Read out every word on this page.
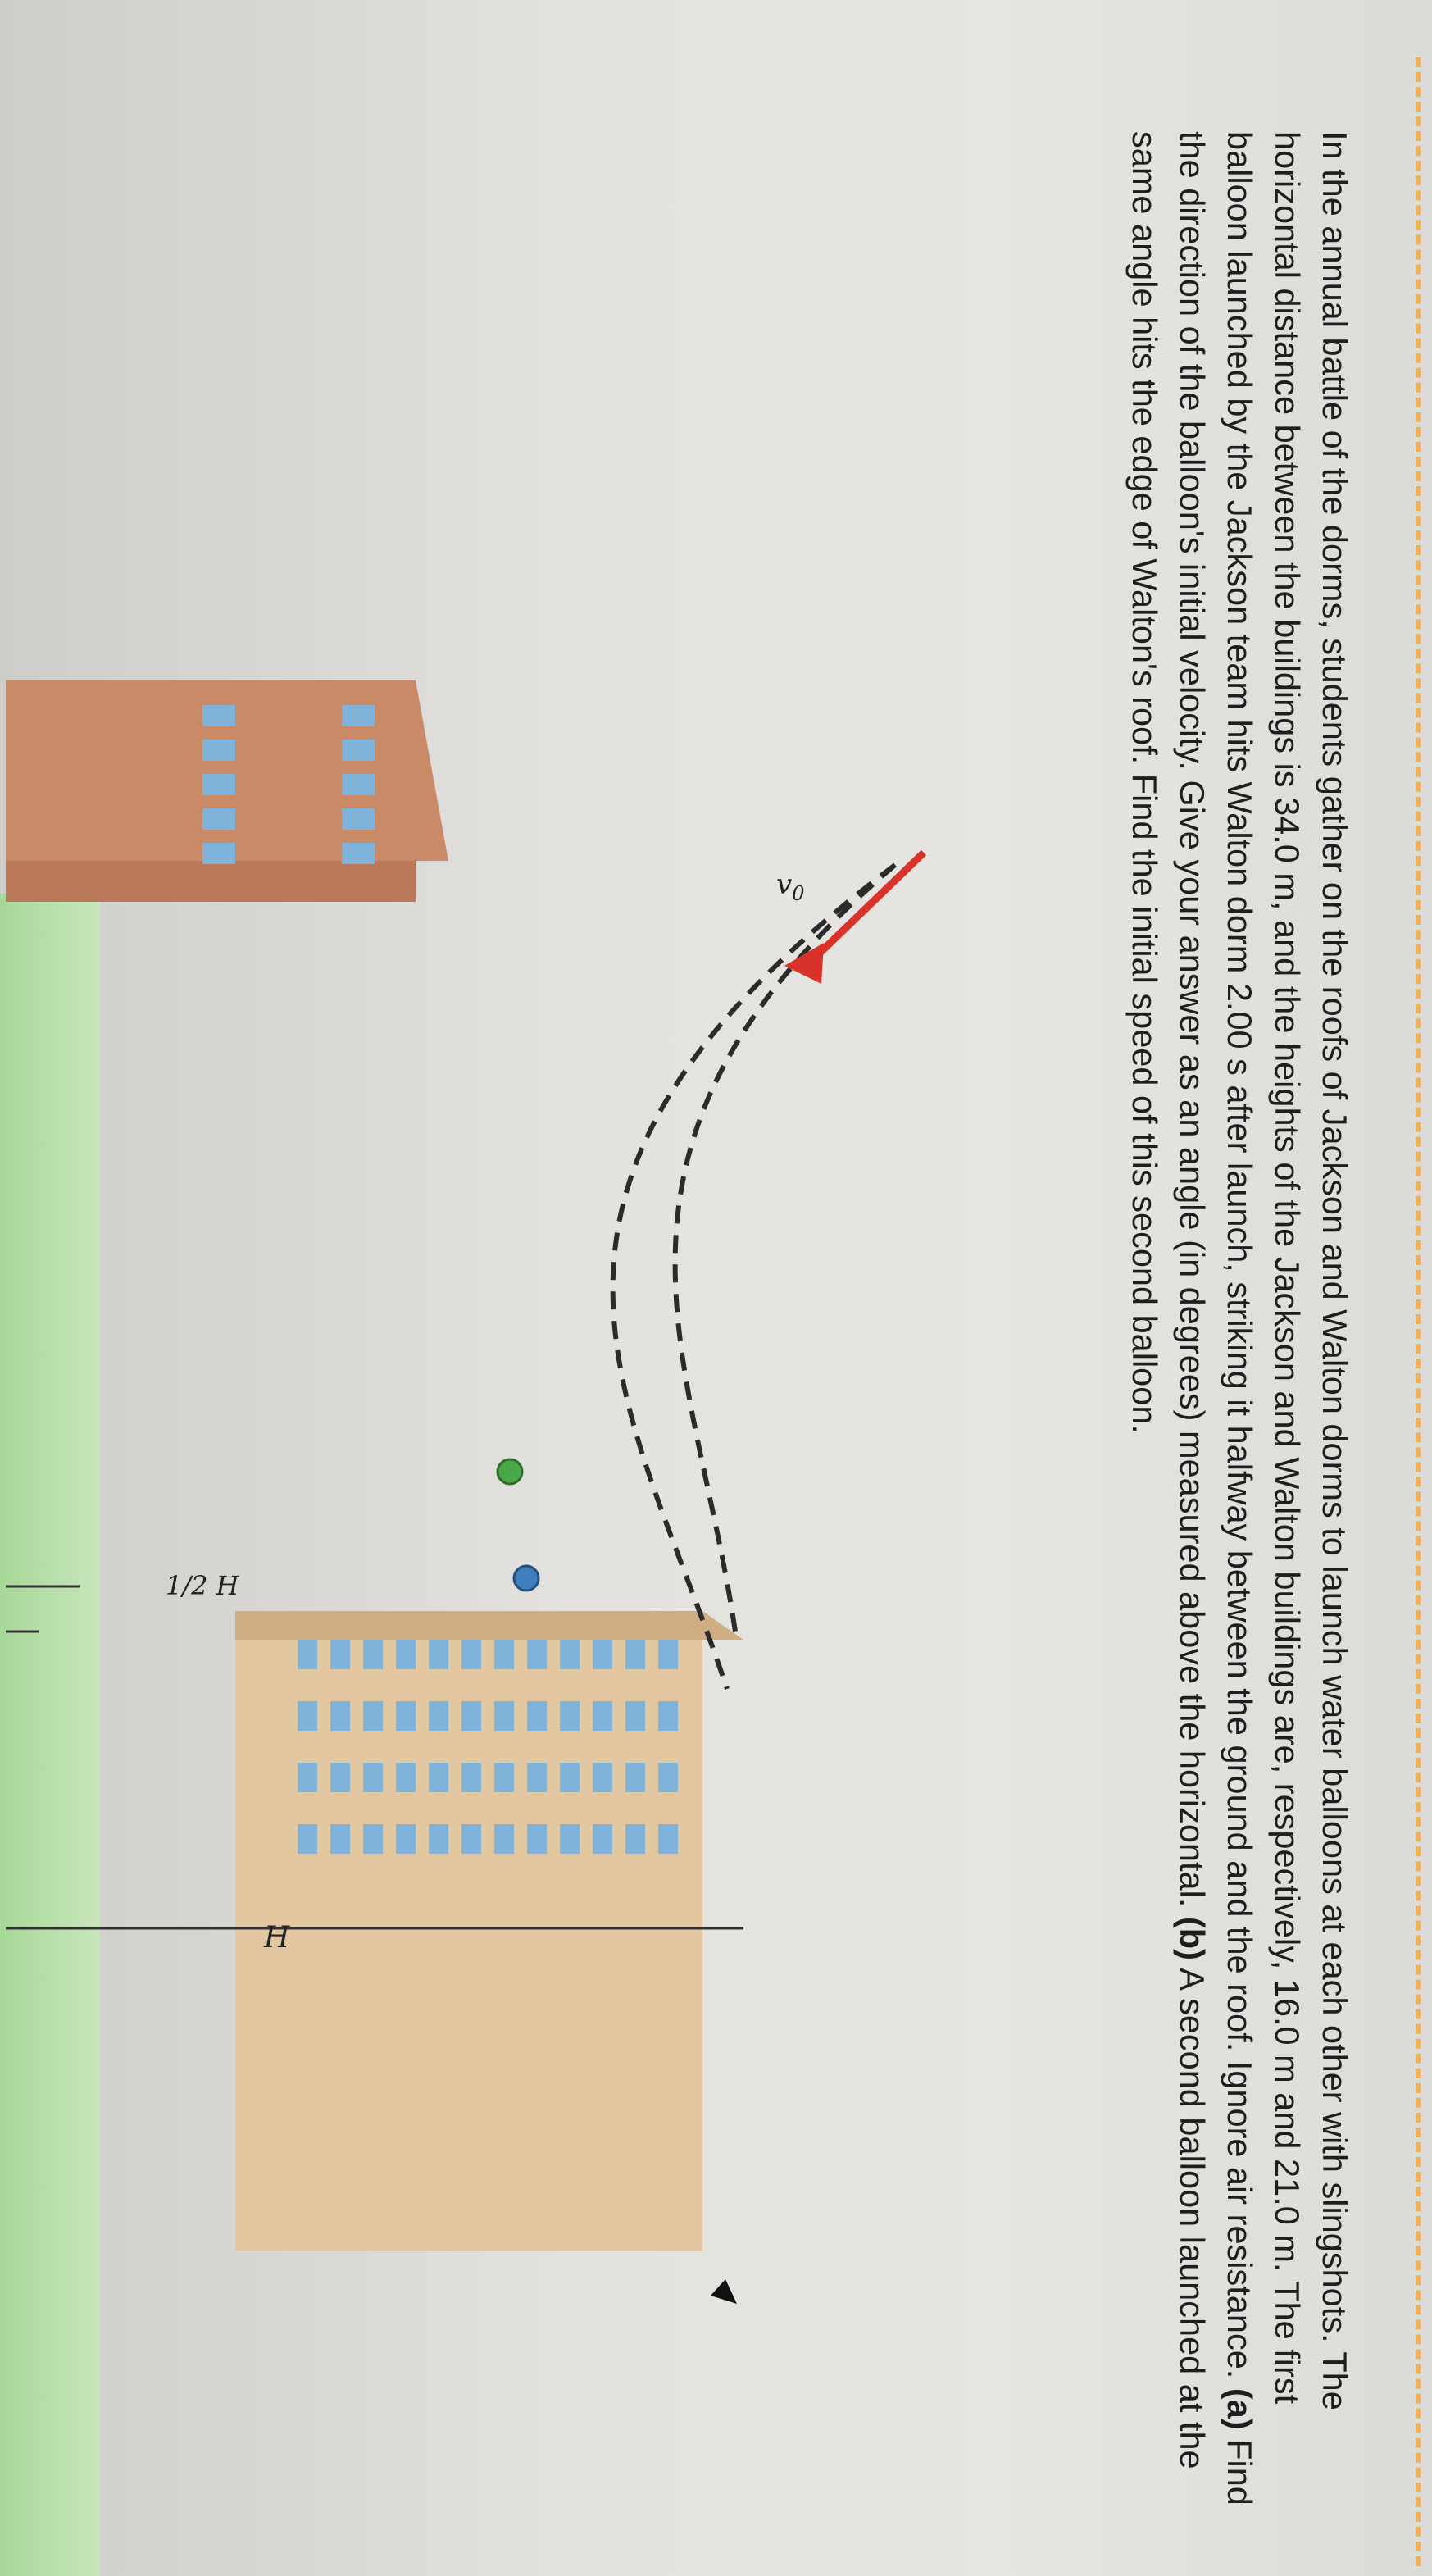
In the annual battle of the dorms, students gather on the roofs of Jackson and Walton dorms to launch water balloons at each other with slingshots. The horizontal distance between the buildings is 34.0 m, and the heights of the Jackson and Walton buildings are, respectively, 16.0 m and 21.0 m. The first balloon launched by the Jackson team hits Walton dorm 2.00 s after launch, striking it halfway between the ground and the roof. Ignore air resistance. (a) Find the direction of the balloon's initial velocity. Give your answer as an angle (in degrees) measured above the horizontal. (b) A second balloon launched at the same angle hits the edge of Walton's roof. Find the initial speed of this second balloon.

$v_0$
1/2 H
H
